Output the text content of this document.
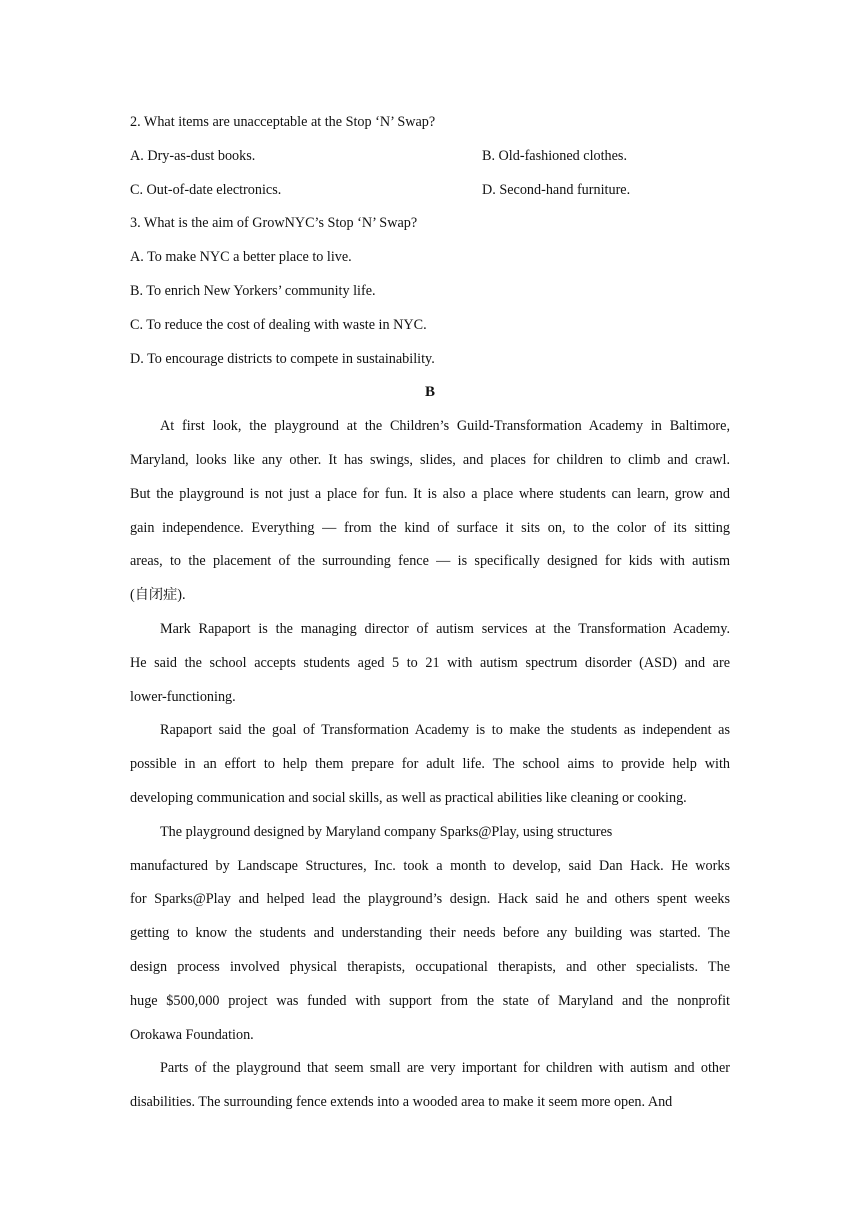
2. What items are unacceptable at the Stop ‘N’ Swap?
A. Dry-as-dust books.	B. Old-fashioned clothes.
C. Out-of-date electronics.	D. Second-hand furniture.
3. What is the aim of GrowNYC’s Stop ‘N’ Swap?
A. To make NYC a better place to live.
B. To enrich New Yorkers’ community life.
C. To reduce the cost of dealing with waste in NYC.
D. To encourage districts to compete in sustainability.
B
At first look, the playground at the Children’s Guild-Transformation Academy in Baltimore,
Maryland, looks like any other. It has swings, slides, and places for children to climb and crawl.
But the playground is not just a place for fun. It is also a place where students can learn, grow and
gain independence. Everything — from the kind of surface it sits on, to the color of its sitting
areas, to the placement of the surrounding fence — is specifically designed for kids with autism
(自闭症).
Mark Rapaport is the managing director of autism services at the Transformation Academy.
He said the school accepts students aged 5 to 21 with autism spectrum disorder (ASD) and are
lower-functioning.
Rapaport said the goal of Transformation Academy is to make the students as independent as
possible in an effort to help them prepare for adult life. The school aims to provide help with
developing communication and social skills, as well as practical abilities like cleaning or cooking.
The playground designed by Maryland company Sparks@Play, using structures
manufactured by Landscape Structures, Inc. took a month to develop, said Dan Hack. He works
for Sparks@Play and helped lead the playground’s design. Hack said he and others spent weeks
getting to know the students and understanding their needs before any building was started. The
design process involved physical therapists, occupational therapists, and other specialists. The
huge $500,000 project was funded with support from the state of Maryland and the nonprofit
Orokawa Foundation.
Parts of the playground that seem small are very important for children with autism and other
disabilities. The surrounding fence extends into a wooded area to make it seem more open. And
